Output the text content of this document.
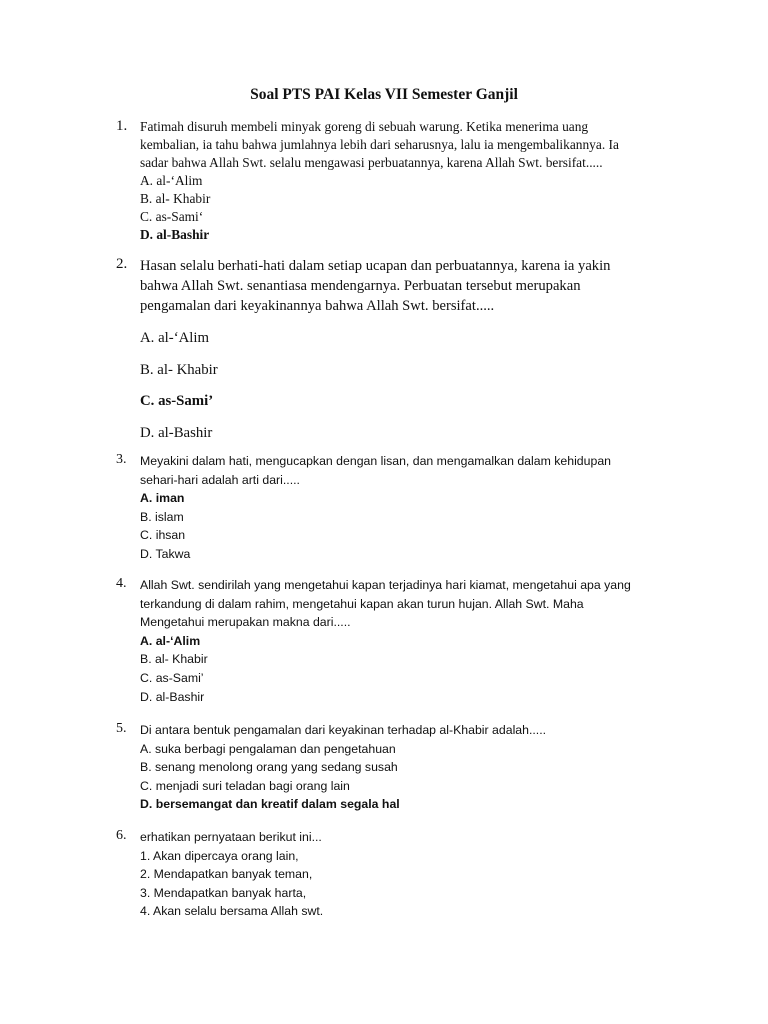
Soal PTS PAI Kelas VII Semester Ganjil
1. Fatimah disuruh membeli minyak goreng di sebuah warung. Ketika menerima uang
kembalian, ia tahu bahwa jumlahnya lebih dari seharusnya, lalu ia mengembalikannya. Ia
sadar bahwa Allah Swt. selalu mengawasi perbuatannya, karena Allah Swt. bersifat.....
A. al-‘Alim
B. al- Khabir
C. as-Sami‘
D. al-Bashir
2. Hasan selalu berhati-hati dalam setiap ucapan dan perbuatannya, karena ia yakin
bahwa Allah Swt. senantiasa mendengarnya. Perbuatan tersebut merupakan
pengamalan dari keyakinannya bahwa Allah Swt. bersifat.....
A. al-‘Alim
B. al- Khabir
C. as-Sami’
D. al-Bashir
3. Meyakini dalam hati, mengucapkan dengan lisan, dan mengamalkan dalam kehidupan
sehari-hari adalah arti dari.....
A. iman
B. islam
C. ihsan
D. Takwa
4. Allah Swt. sendirilah yang mengetahui kapan terjadinya hari kiamat, mengetahui apa yang
terkandung di dalam rahim, mengetahui kapan akan turun hujan. Allah Swt. Maha
Mengetahui merupakan makna dari.....
A. al-‘Alim
B. al- Khabir
C. as-Sami’
D. al-Bashir
5. Di antara bentuk pengamalan dari keyakinan terhadap al-Khabir adalah.....
A. suka berbagi pengalaman dan pengetahuan
B. senang menolong orang yang sedang susah
C. menjadi suri teladan bagi orang lain
D. bersemangat dan kreatif dalam segala hal
6. erhatikan pernyataan berikut ini...
1. Akan dipercaya orang lain,
2. Mendapatkan banyak teman,
3. Mendapatkan banyak harta,
4. Akan selalu bersama Allah swt.
